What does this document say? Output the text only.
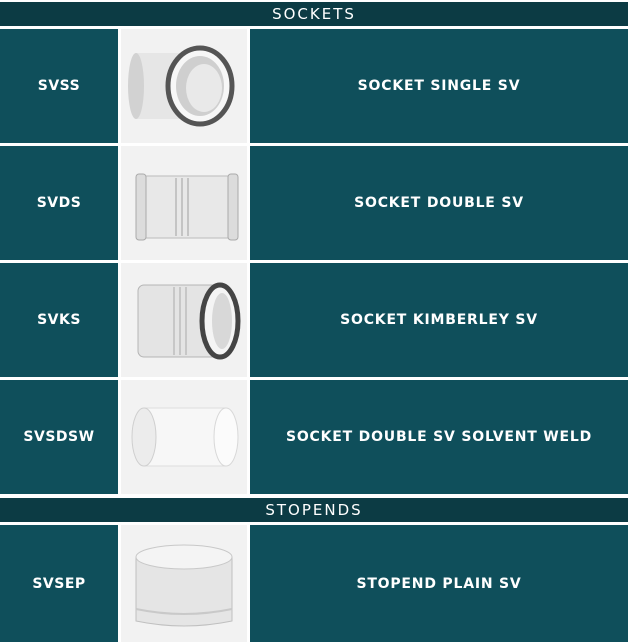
SOCKETS
SVSS	SOCKET SINGLE SV
SVDS	SOCKET DOUBLE SV
SVKS	SOCKET KIMBERLEY SV
SVSDSW	SOCKET DOUBLE SV SOLVENT WELD
STOPENDS
SVSEP	STOPEND PLAIN SV
